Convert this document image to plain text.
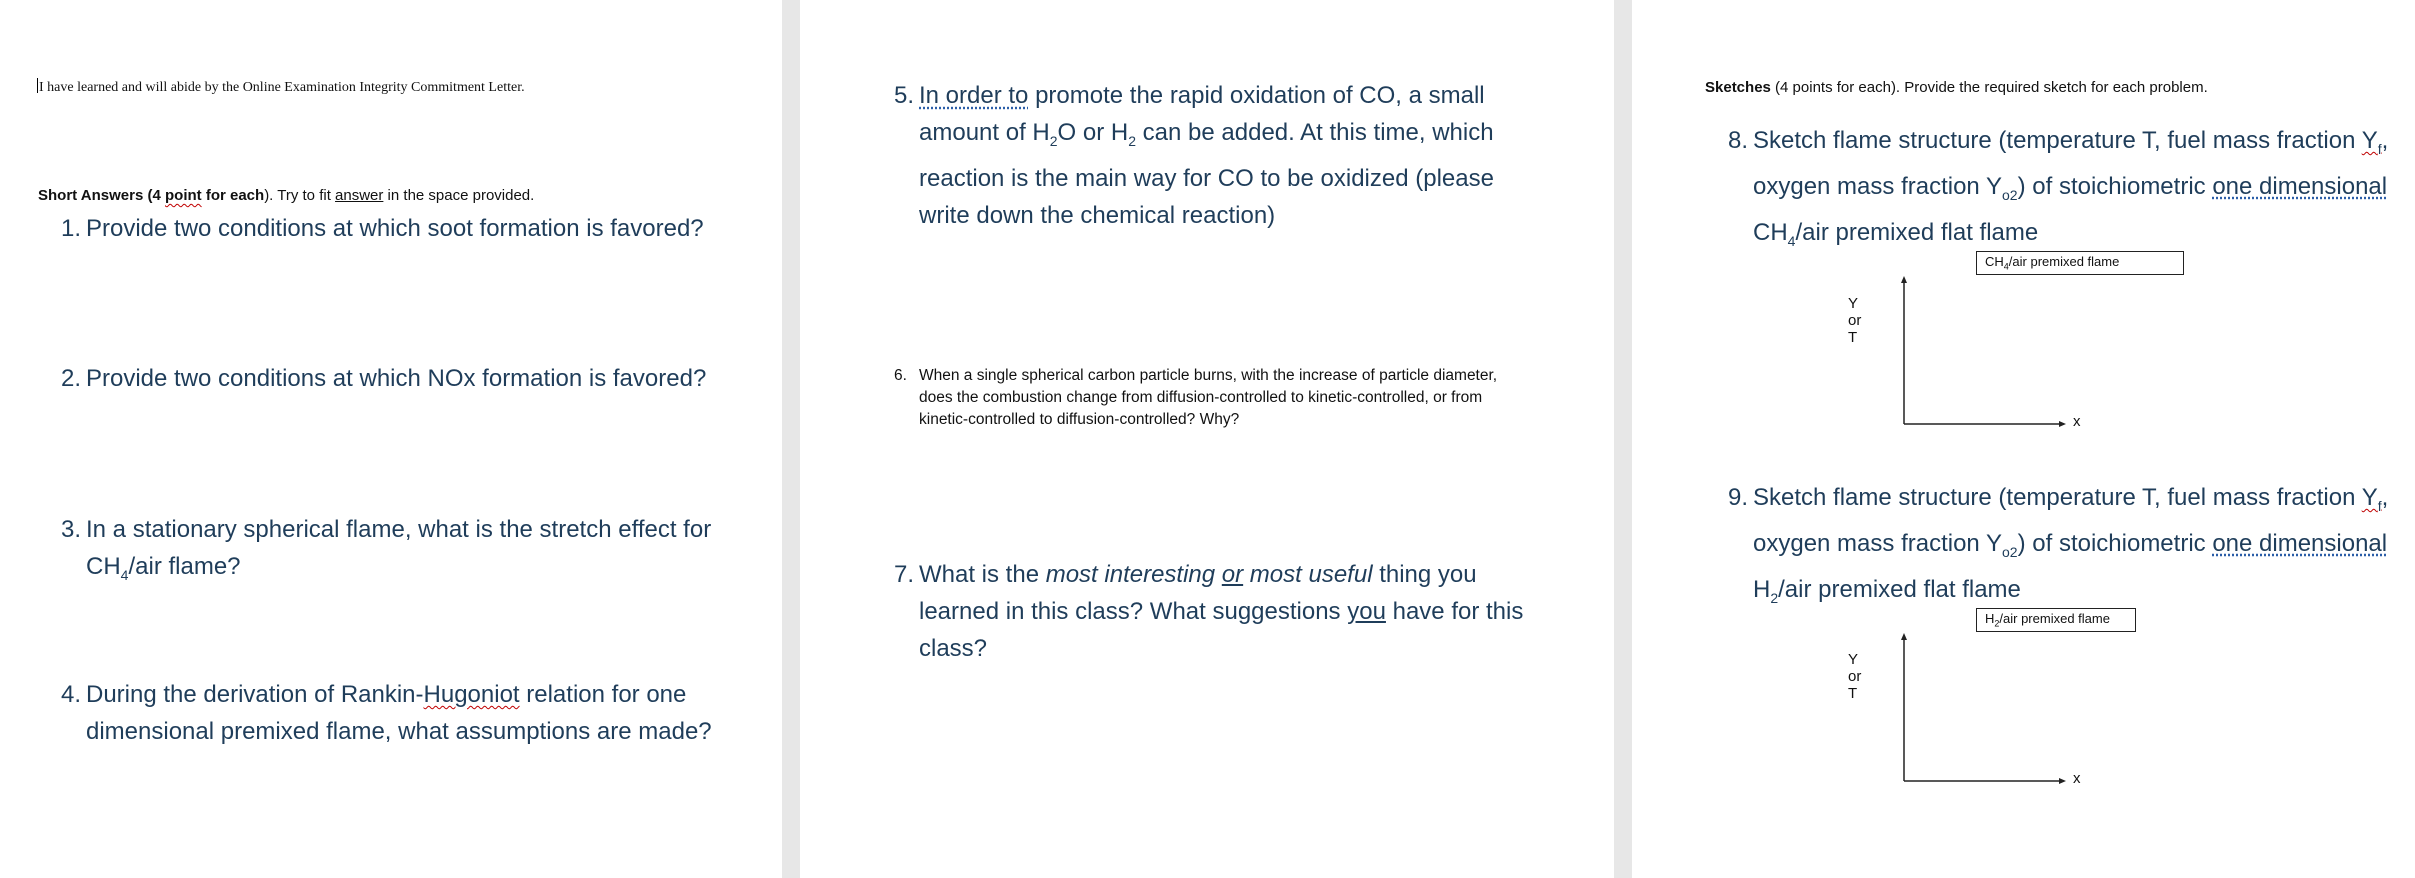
I have learned and will abide by the Online Examination Integrity Commitment Letter.
Short Answers (4 point for each). Try to fit answer in the space provided.
1. Provide two conditions at which soot formation is favored?
2. Provide two conditions at which NOx formation is favored?
3. In a stationary spherical flame, what is the stretch effect for $CH_4$/air flame?
4. During the derivation of Rankin-Hugoniot relation for one dimensional premixed flame, what assumptions are made?
5. In order to promote the rapid oxidation of CO, a small amount of $H_2O$ or $H_2$ can be added. At this time, which reaction is the main way for CO to be oxidized (please write down the chemical reaction)
6. When a single spherical carbon particle burns, with the increase of particle diameter, does the combustion change from diffusion-controlled to kinetic-controlled, or from kinetic-controlled to diffusion-controlled? Why?
7. What is the most interesting or most useful thing you learned in this class? What suggestions you have for this class?
Sketches (4 points for each). Provide the required sketch for each problem.
8. Sketch flame structure (temperature T, fuel mass fraction $Y_f$, oxygen mass fraction $Y_{o2}$) of stoichiometric one dimensional $CH_4$/air premixed flat flame
$CH_4$/air premixed flame
Y or T
x
9. Sketch flame structure (temperature T, fuel mass fraction $Y_f$, oxygen mass fraction $Y_{o2}$) of stoichiometric one dimensional $H_2$/air premixed flat flame
$H_2$/air premixed flame
Y or T
x
